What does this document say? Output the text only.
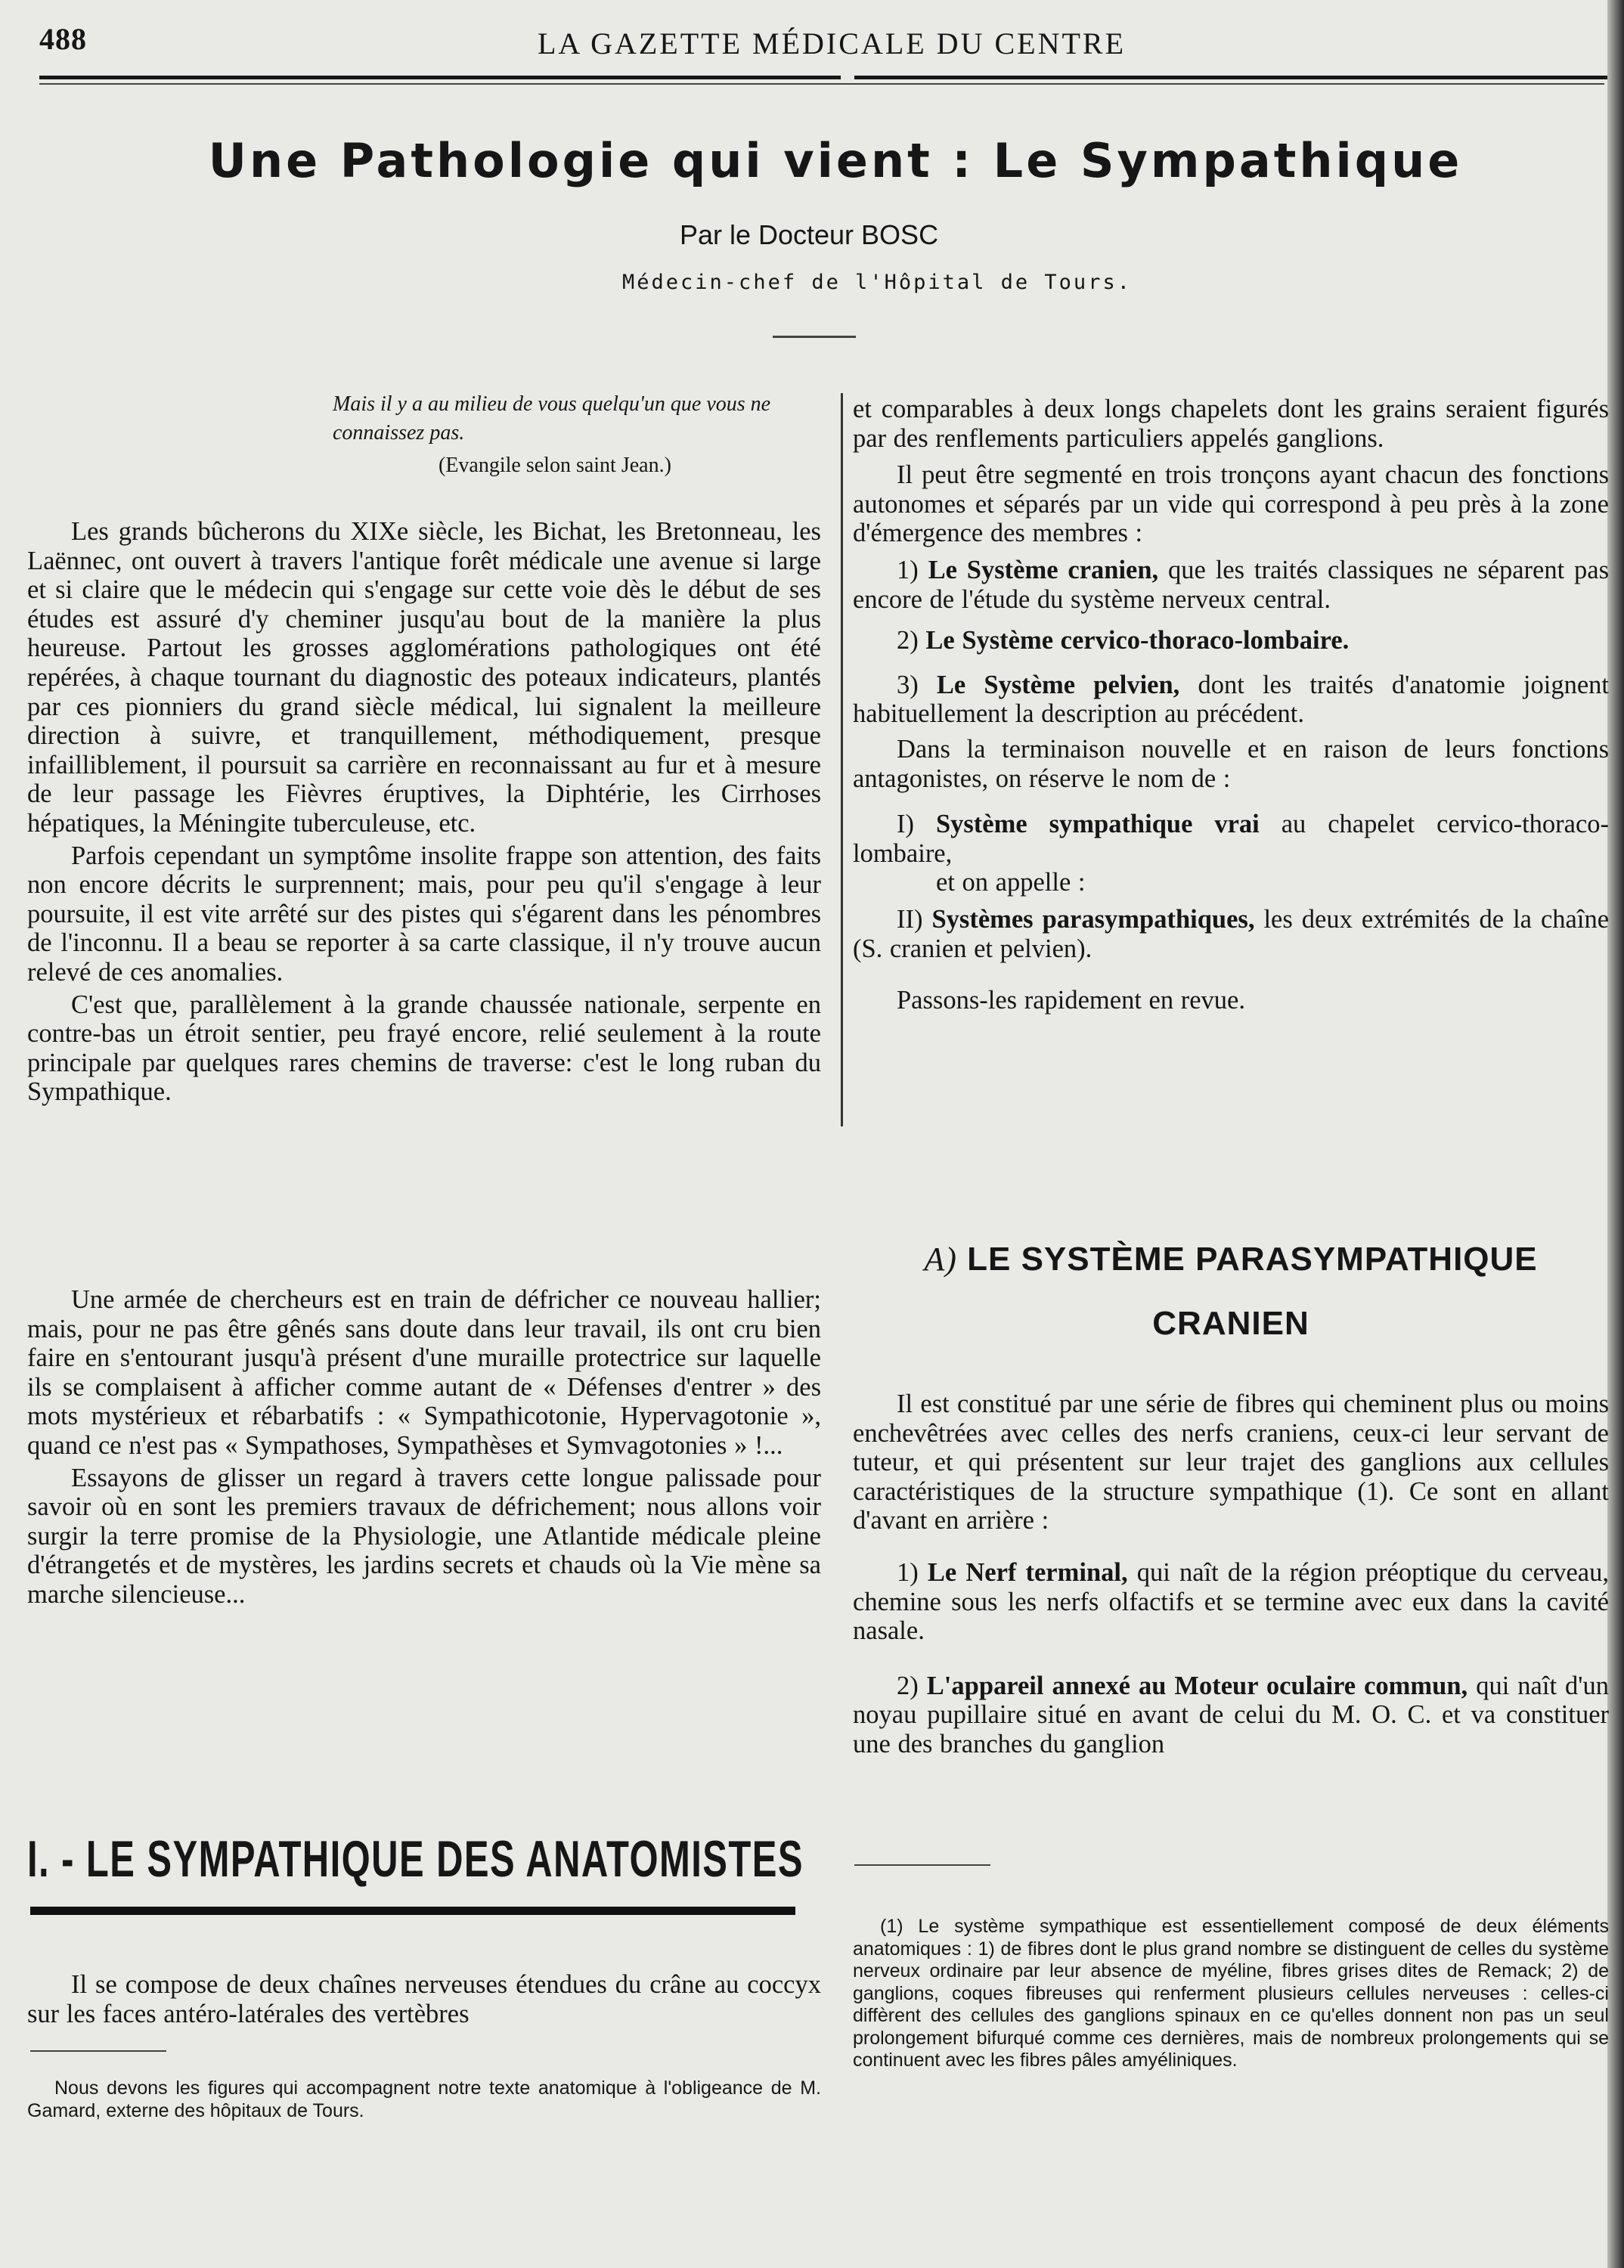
488	LA GAZETTE MÉDICALE DU CENTRE
Une Pathologie qui vient : Le Sympathique
Par le Docteur BOSC
Médecin-chef de l'Hôpital de Tours.
Mais il y a au milieu de vous quelqu'un que vous ne connaissez pas.
(Evangile selon saint Jean.)

Les grands bûcherons du XIXe siècle, les Bichat, les Bretonneau, les Laënnec, ont ouvert à travers l'antique forêt médicale une avenue si large et si claire que le médecin qui s'engage sur cette voie dès le début de ses études est assuré d'y cheminer jusqu'au bout de la manière la plus heureuse. Partout les grosses agglomérations pathologiques ont été repérées, à chaque tournant du diagnostic des poteaux indicateurs, plantés par ces pionniers du grand siècle médical, lui signalent la meilleure direction à suivre, et tranquillement, méthodiquement, presque infailliblement, il poursuit sa carrière en reconnaissant au fur et à mesure de leur passage les Fièvres éruptives, la Diphtérie, les Cirrhoses hépatiques, la Méningite tuberculeuse, etc.

Parfois cependant un symptôme insolite frappe son attention, des faits non encore décrits le surprennent; mais, pour peu qu'il s'engage à leur poursuite, il est vite arrêté sur des pistes qui s'égarent dans les pénombres de l'inconnu. Il a beau se reporter à sa carte classique, il n'y trouve aucun relevé de ces anomalies.

C'est que, parallèlement à la grande chaussée nationale, serpente en contre-bas un étroit sentier, peu frayé encore, relié seulement à la route principale par quelques rares chemins de traverse: c'est le long ruban du Sympathique.

Une armée de chercheurs est en train de défricher ce nouveau hallier; mais, pour ne pas être gênés sans doute dans leur travail, ils ont cru bien faire en s'entourant jusqu'à présent d'une muraille protectrice sur laquelle ils se complaisent à afficher comme autant de « Défenses d'entrer » des mots mystérieux et rébarbatifs : « Sympathicotonie, Hypervagotonie », quand ce n'est pas « Sympathoses, Sympathèses et Symvagotonies » !...

Essayons de glisser un regard à travers cette longue palissade pour savoir où en sont les premiers travaux de défrichement; nous allons voir surgir la terre promise de la Physiologie, une Atlantide médicale pleine d'étrangetés et de mystères, les jardins secrets et chauds où la Vie mène sa marche silencieuse...

I. - LE SYMPATHIQUE DES ANATOMISTES

Il se compose de deux chaînes nerveuses étendues du crâne au coccyx sur les faces antéro-latérales des vertèbres

Nous devons les figures qui accompagnent notre texte anatomique à l'obligeance de M. Gamard, externe des hôpitaux de Tours.

et comparables à deux longs chapelets dont les grains seraient figurés par des renflements particuliers appelés ganglions.

Il peut être segmenté en trois tronçons ayant chacun des fonctions autonomes et séparés par un vide qui correspond à peu près à la zone d'émergence des membres :

1) Le Système cranien, que les traités classiques ne séparent pas encore de l'étude du système nerveux central.

2) Le Système cervico-thoraco-lombaire.

3) Le Système pelvien, dont les traités d'anatomie joignent habituellement la description au précédent.

Dans la terminaison nouvelle et en raison de leurs fonctions antagonistes, on réserve le nom de :

I) Système sympathique vrai au chapelet cervico-thoraco-lombaire,

et on appelle :

II) Systèmes parasympathiques, les deux extrémités de la chaîne (S. cranien et pelvien).

Passons-les rapidement en revue.

A) LE SYSTÈME PARASYMPATHIQUE
CRANIEN

Il est constitué par une série de fibres qui cheminent plus ou moins enchevêtrées avec celles des nerfs craniens, ceux-ci leur servant de tuteur, et qui présentent sur leur trajet des ganglions aux cellules caractéristiques de la structure sympathique (1). Ce sont en allant d'avant en arrière :

1) Le Nerf terminal, qui naît de la région préoptique du cerveau, chemine sous les nerfs olfactifs et se termine avec eux dans la cavité nasale.

2) L'appareil annexé au Moteur oculaire commun, qui naît d'un noyau pupillaire situé en avant de celui du M. O. C. et va constituer une des branches du ganglion

(1) Le système sympathique est essentiellement composé de deux éléments anatomiques : 1) de fibres dont le plus grand nombre se distinguent de celles du système nerveux ordinaire par leur absence de myéline, fibres grises dites de Remack; 2) de ganglions, coques fibreuses qui renferment plusieurs cellules nerveuses : celles-ci diffèrent des cellules des ganglions spinaux en ce qu'elles donnent non pas un seul prolongement bifurqué comme ces dernières, mais de nombreux prolongements qui se continuent avec les fibres pâles amyéliniques.
